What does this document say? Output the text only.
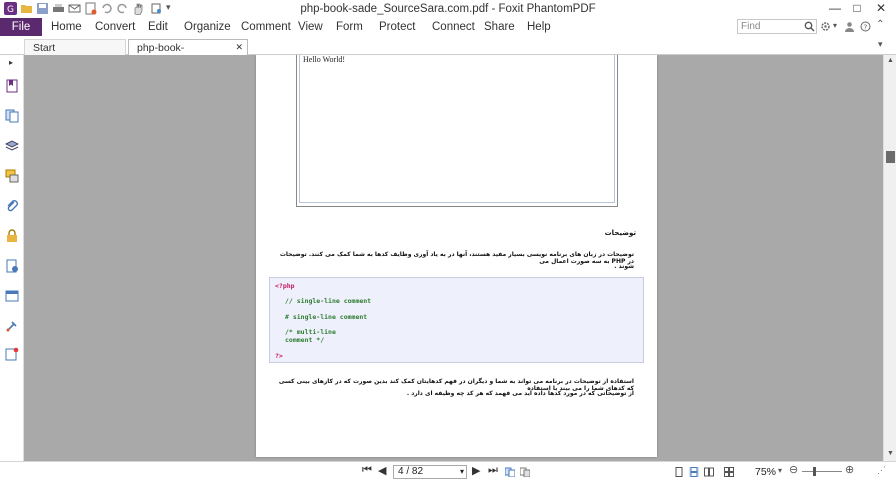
G	▾	php-book-sade_SourceSara.com.pdf - Foxit PhantomPDF	—	□	✕
File	Home Convert Edit Organize Comment View Form Protect Connect Share Help	Find	▾	? ⌃
Start	php-book-	✕	▾
▸	Hello World!
توضیحات
توضیحات در زبان های برنامه نویسی بسیار مفید هستند، آنها در به یاد آوری وظایف کدها به شما کمک می کنند. توضیحات در PHP به سه صورت اعمال می
شوند .
<?php
// single-line comment
# single-line comment
/* multi-line
comment */
?>
استفاده از توضیحات در برنامه می تواند به شما و دیگران در فهم کدهایتان کمک کند بدین صورت که در کارهای بینی کسی که کدهای شما را می بیند با استفاده
از توضیحاتی که در مورد کدها داده اید می فهمد که هر کد چه وظیفه ای دارد .
▲
▼
⏮ ◀	4 / 82	▾ ▶ ⏭	75% ▾ ⊖	⊕	⋰
